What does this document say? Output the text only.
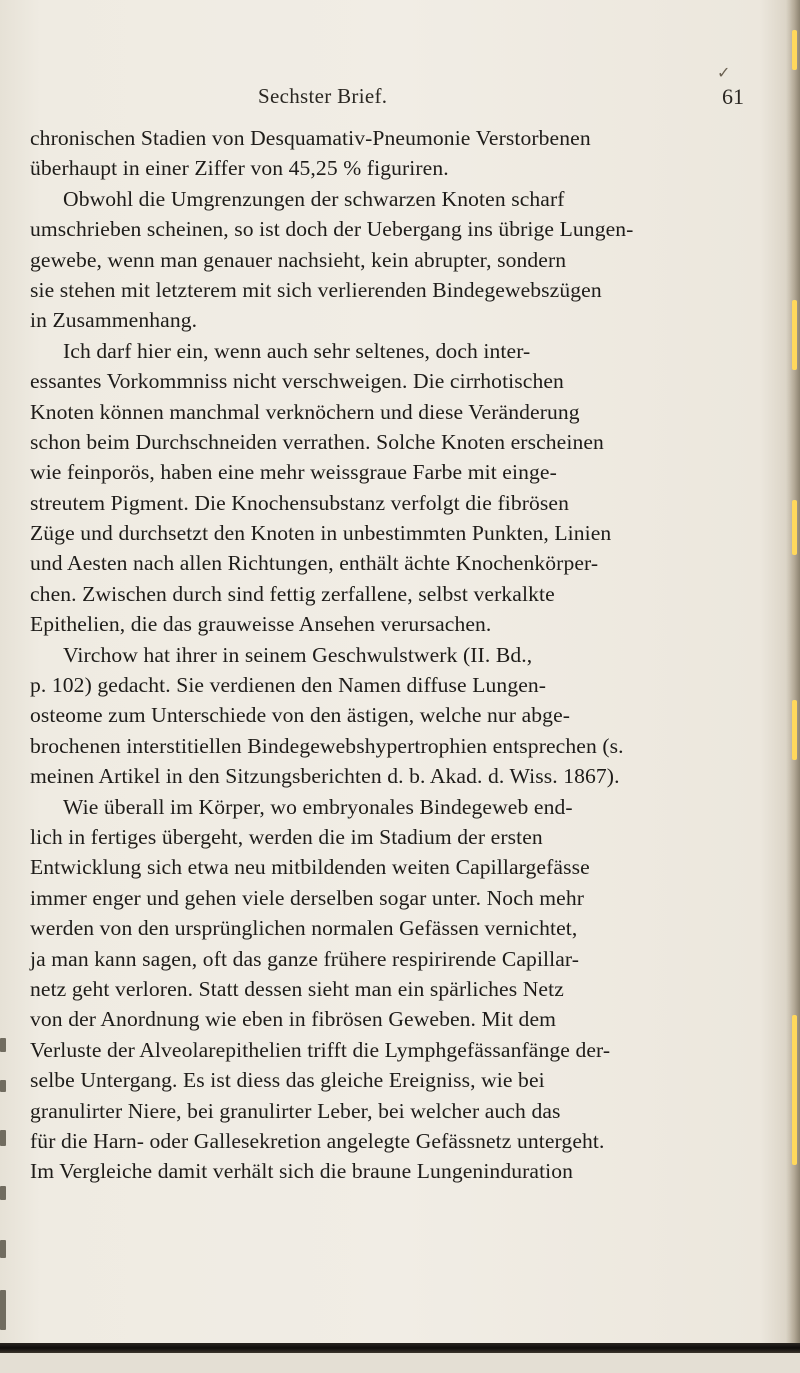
✓
Sechster Brief.	61
chronischen Stadien von Desquamativ-Pneumonie Verstorbenen
überhaupt in einer Ziffer von 45,25 % figuriren.
Obwohl die Umgrenzungen der schwarzen Knoten scharf
umschrieben scheinen, so ist doch der Uebergang ins übrige Lungen-
gewebe, wenn man genauer nachsieht, kein abrupter, sondern
sie stehen mit letzterem mit sich verlierenden Bindegewebszügen
in Zusammenhang.
Ich darf hier ein, wenn auch sehr seltenes, doch inter-
essantes Vorkommniss nicht verschweigen. Die cirrhotischen
Knoten können manchmal verknöchern und diese Veränderung
schon beim Durchschneiden verrathen. Solche Knoten erscheinen
wie feinporös, haben eine mehr weissgraue Farbe mit einge-
streutem Pigment. Die Knochensubstanz verfolgt die fibrösen
Züge und durchsetzt den Knoten in unbestimmten Punkten, Linien
und Aesten nach allen Richtungen, enthält ächte Knochenkörper-
chen. Zwischen durch sind fettig zerfallene, selbst verkalkte
Epithelien, die das grauweisse Ansehen verursachen.
Virchow hat ihrer in seinem Geschwulstwerk (II. Bd.,
p. 102) gedacht. Sie verdienen den Namen diffuse Lungen-
osteome zum Unterschiede von den ästigen, welche nur abge-
brochenen interstitiellen Bindegewebshypertrophien entsprechen (s.
meinen Artikel in den Sitzungsberichten d. b. Akad. d. Wiss. 1867).
Wie überall im Körper, wo embryonales Bindegeweb end-
lich in fertiges übergeht, werden die im Stadium der ersten
Entwicklung sich etwa neu mitbildenden weiten Capillargefässe
immer enger und gehen viele derselben sogar unter. Noch mehr
werden von den ursprünglichen normalen Gefässen vernichtet,
ja man kann sagen, oft das ganze frühere respirirende Capillar-
netz geht verloren. Statt dessen sieht man ein spärliches Netz
von der Anordnung wie eben in fibrösen Geweben. Mit dem
Verluste der Alveolarepithelien trifft die Lymphgefässanfänge der-
selbe Untergang. Es ist diess das gleiche Ereigniss, wie bei
granulirter Niere, bei granulirter Leber, bei welcher auch das
für die Harn- oder Gallesekretion angelegte Gefässnetz untergeht.
Im Vergleiche damit verhält sich die braune Lungeninduration
